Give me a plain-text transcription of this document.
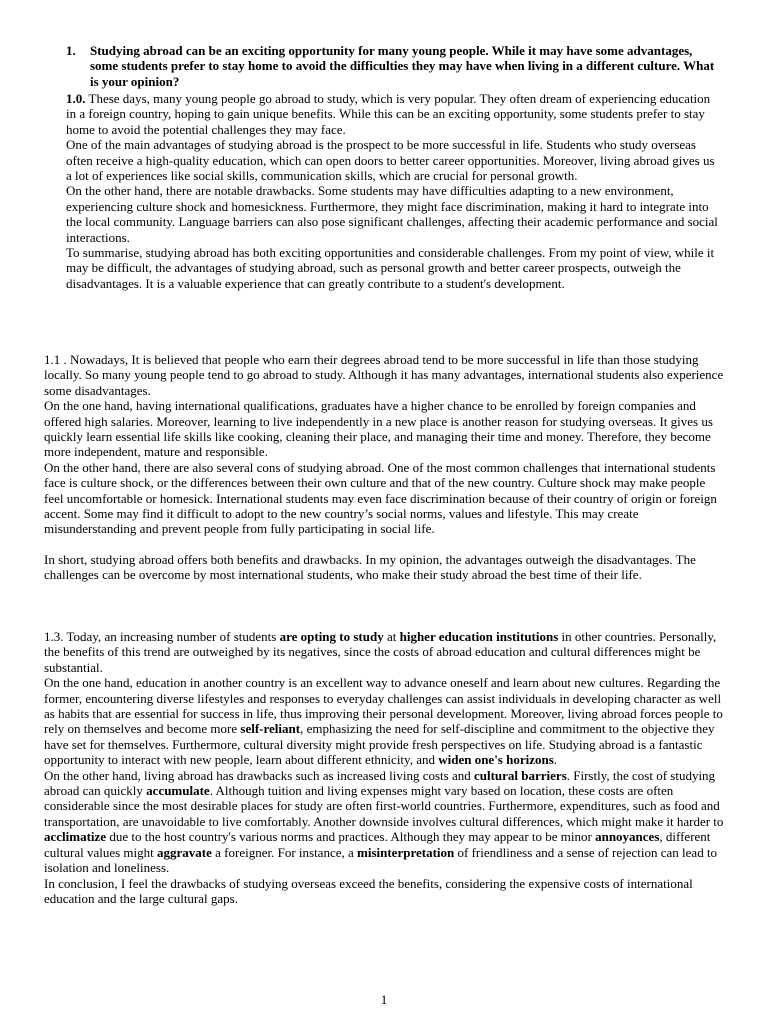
1.	Studying abroad can be an exciting opportunity for many young people. While it may have some advantages, some students prefer to stay home to avoid the difficulties they may have when living in a different culture. What is your opinion?

1.0. These days, many young people go abroad to study, which is very popular. They often dream of experiencing education in a foreign country, hoping to gain unique benefits. While this can be an exciting opportunity, some students prefer to stay home to avoid the potential challenges they may face.

One of the main advantages of studying abroad is the prospect to be more successful in life. Students who study overseas often receive a high-quality education, which can open doors to better career opportunities. Moreover, living abroad gives us a lot of experiences like social skills, communication skills, which are crucial for personal growth.

On the other hand, there are notable drawbacks. Some students may have difficulties adapting to a new environment, experiencing culture shock and homesickness. Furthermore, they might face discrimination, making it hard to integrate into the local community. Language barriers can also pose significant challenges, affecting their academic performance and social interactions.

To summarise, studying abroad has both exciting opportunities and considerable challenges. From my point of view, while it may be difficult, the advantages of studying abroad, such as personal growth and better career prospects, outweigh the disadvantages. It is a valuable experience that can greatly contribute to a student's development.

1.1 . Nowadays, It is believed that people who earn their degrees abroad tend to be more successful in life than those studying locally. So many young people tend to go abroad to study. Although it has many advantages, international students also experience some disadvantages.

On the one hand, having international qualifications, graduates have a higher chance to be enrolled by foreign companies and offered high salaries. Moreover, learning to live independently in a new place is another reason for studying overseas. It gives us quickly learn essential life skills like cooking, cleaning their place, and managing their time and money. Therefore, they become more independent, mature and responsible.

On the other hand, there are also several cons of studying abroad. One of the most common challenges that international students face is culture shock, or the differences between their own culture and that of the new country. Culture shock may make people feel uncomfortable or homesick. International students may even face discrimination because of their country of origin or foreign accent. Some may find it difficult to adopt to the new country’s social norms, values and lifestyle. This may create misunderstanding and prevent people from fully participating in social life.

In short, studying abroad offers both benefits and drawbacks. In my opinion, the advantages outweigh the disadvantages. The challenges can be overcome by most international students, who make their study abroad the best time of their life.

1.3. Today, an increasing number of students are opting to study at higher education institutions in other countries. Personally, the benefits of this trend are outweighed by its negatives, since the costs of abroad education and cultural differences might be substantial.

On the one hand, education in another country is an excellent way to advance oneself and learn about new cultures. Regarding the former, encountering diverse lifestyles and responses to everyday challenges can assist individuals in developing character as well as habits that are essential for success in life, thus improving their personal development. Moreover, living abroad forces people to rely on themselves and become more self-reliant, emphasizing the need for self-discipline and commitment to the objective they have set for themselves. Furthermore, cultural diversity might provide fresh perspectives on life. Studying abroad is a fantastic opportunity to interact with new people, learn about different ethnicity, and widen one's horizons.

On the other hand, living abroad has drawbacks such as increased living costs and cultural barriers. Firstly, the cost of studying abroad can quickly accumulate. Although tuition and living expenses might vary based on location, these costs are often considerable since the most desirable places for study are often first-world countries. Furthermore, expenditures, such as food and transportation, are unavoidable to live comfortably. Another downside involves cultural differences, which might make it harder to acclimatize due to the host country's various norms and practices. Although they may appear to be minor annoyances, different cultural values might aggravate a foreigner. For instance, a misinterpretation of friendliness and a sense of rejection can lead to isolation and loneliness.

In conclusion, I feel the drawbacks of studying overseas exceed the benefits, considering the expensive costs of international education and the large cultural gaps.

1
